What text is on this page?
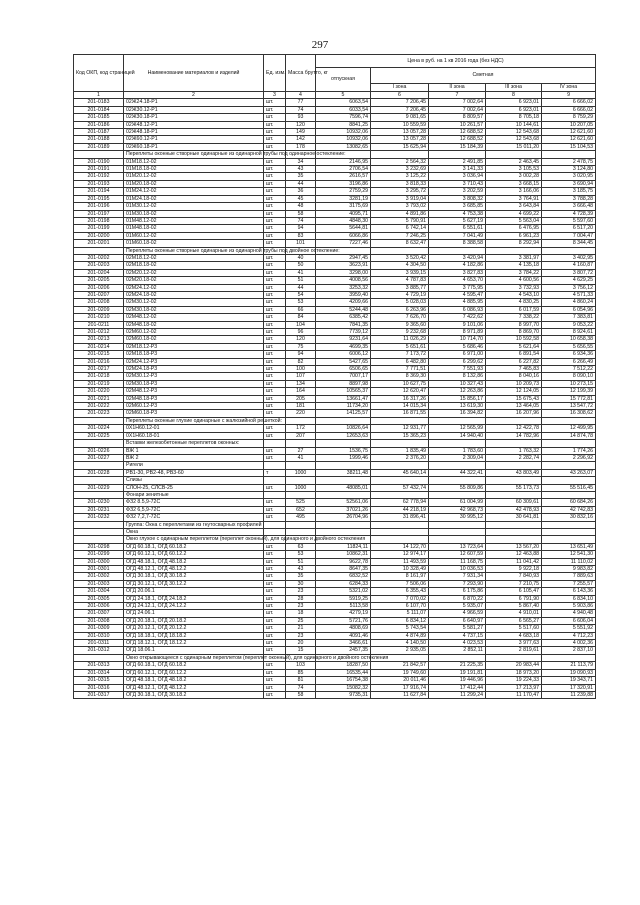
297
Код ОКП, код страницей	Наименование материалов и изделий	Ед. изм.	Масса брутто, кг	Цена в руб. на 1 кв 2016 года (без НДС)				
				отпускная	Сметная			
					I зона	II зона	III зона	IV зона
1	2	3	4	5	6	7	8	9
201-0183	02Ж24.18-Р1	шт.	77	6063,54	7 206,45	7 002,64	6 923,01	6 666,02
201-0184	02Ж30.12-Р1	шт.	74	6033,54	7 206,45	7 002,64	6 923,01	6 666,02
201-0185	02Ж30.18-Р1	шт.	93	7596,74	9 081,65	8 809,57	8 705,18	8 759,29
201-0186	02Ж48.12-Р1	шт.	120	8841,25	10 559,59	10 261,57	10 144,61	10 207,05
201-0187	02Ж48.18-Р1	шт.	149	10932,06	13 057,28	12 688,52	12 543,68	12 621,60
201-0188	02Ж60.12-Р1	шт.	142	10932,06	13 057,28	12 688,52	12 543,68	12 621,60
201-0189	02Ж60.18-Р1	шт.	178	13082,65	15 625,94	15 184,39	15 011,20	15 104,53
	Переплеты оконные створные одинарные из одинарной трубы под одинарное остекление:							
201-0190	01М18.12-02	шт.	34	2146,95	2 564,32	2 491,85	2 463,45	2 478,75
201-0191	01М18.18-02	шт.	43	2706,54	3 232,69	3 141,33	3 105,53	3 124,80
201-0192	01М20.12-02	шт.	35	2616,57	3 125,22	3 036,94	3 002,28	3 020,95
201-0193	01М20.18-02	шт.	44	3196,86	3 818,33	3 710,43	3 668,15	3 690,94
201-0194	01М24.12-02	шт.	36	2759,29	3 295,72	3 202,59	3 166,06	3 185,75
201-0195	01М24.18-02	шт.	45	3281,19	3 919,04	3 808,32	3 764,91	3 788,28
201-0196	01М30.12-02	шт.	48	3175,69	3 793,02	3 685,85	3 643,84	3 666,48
201-0197	01М30.18-02	шт.	58	4095,71	4 891,86	4 753,38	4 699,22	4 728,39
201-0198	01М48.12-02	шт.	74	4848,30	5 790,91	5 627,19	5 563,04	5 597,60
201-0199	01М48.18-02	шт.	94	5644,81	6 742,14	6 551,61	6 476,95	6 517,20
201-0200	01М60.12-02	шт.	83	6066,86	7 246,25	7 041,49	6 961,23	7 004,47
201-0201	01М60.18-02	шт.	101	7227,46	8 632,47	8 388,58	8 292,94	8 344,45
	Переплеты оконные створные одинарные из одинарной трубы под двойное остекление:							
201-0202	02М18.12-02	шт.	40	2947,45	3 520,42	3 420,94	3 381,97	3 402,95
201-0203	02М18.18-02	шт.	50	3623,91	4 304,50	4 182,86	4 135,18	4 160,87
201-0204	02М20.12-02	шт.	41	3298,00	3 939,15	3 827,83	3 784,22	3 807,72
201-0205	02М20.18-02	шт.	51	4008,56	4 787,83	4 653,70	4 600,56	4 629,25
201-0206	02М24.12-02	шт.	44	3253,32	3 885,77	3 775,95	3 732,93	3 756,12
201-0207	02М24.18-02	шт.	54	3959,40	4 729,19	4 595,47	4 543,10	4 571,33
201-0208	02М30.12-02	шт.	53	4209,66	5 028,03	4 885,95	4 830,25	4 860,24
201-0209	02М30.18-02	шт.	66	5244,48	6 263,96	6 086,93	6 017,59	6 054,96
201-0210	02М48.12-02	шт.	84	6385,42	7 626,70	7 422,62	7 338,22	7 383,81
201-0211	02М48.18-02	шт.	104	7841,35	9 365,60	9 101,06	8 997,70	9 053,22
201-0212	02М60.12-02	шт.	96	7739,12	9 232,68	8 971,89	8 869,70	8 924,61
201-0213	02М60.18-02	шт.	120	9231,64	11 026,29	10 714,70	10 592,58	10 658,38
201-0214	02М18.12-Р3	шт.	75	4699,35	5 651,61	5 686,46	5 621,64	5 656,55
201-0215	02М18.18-Р3	шт.	94	6006,12	7 173,72	6 971,00	6 891,54	6 934,36
201-0216	02М24.12-Р3	шт.	82	5427,65	6 482,80	6 299,62	6 227,82	6 266,49
201-0217	02М24.18-Р3	шт.	100	6506,65	7 771,51	7 551,93	7 465,83	7 512,22
201-0218	02М30.12-Р3	шт.	107	7007,17	8 369,30	8 132,86	8 040,16	8 090,10
201-0219	02М30.18-Р3	шт.	134	8897,98	10 627,75	10 327,43	10 209,73	10 273,15
201-0220	02М48.12-Р3	шт.	164	10565,37	12 620,47	12 263,86	12 124,05	12 199,39
201-0221	02М48.18-Р3	шт.	205	13661,47	16 317,26	15 856,17	15 675,43	15 772,81
201-0222	02М60.12-Р3	шт.	181	11734,20	14 015,34	13 619,30	13 464,05	13 547,72
201-0223	02М60.18-Р3	шт.	220	14125,57	16 871,55	16 394,82	16 207,96	16 308,62
	Переплеты оконные глухие одинарные с жалюзийной решеткой:							
201-0224	0Х1Н60.12-01	шт.	172	10826,64	12 931,77	12 565,99	12 422,78	12 499,95
201-0225	0Х1Н60.18-01	шт.	207	12653,63	15 365,23	14 940,40	14 782,96	14 874,78
	Вставки железобетонные переплетов оконных:							
201-0226	ВЖ 1	шт.	27	1536,75	1 835,49	1 783,60	1 763,32	1 774,26
201-0227	ВЖ 2	шт.	41	1999,46	2 376,20	2 309,04	2 282,74	2 296,92
	Ригели							
201-0228	РВ1-30, РВ2-48, РВ3-60	т	1000	38211,48	45 640,14	44 322,41	43 803,49	43 263,07
	Слизы							
201-0229	СЛОН-25, СЛСВ-25	шт.	1000	48085,01	57 432,74	55 809,86	55 173,73	55 516,45
	Фонари зенитные							
201-0230	ФЗ2 8.5,9-72С	шт.	525	52561,06	62 778,94	61 004,99	60 309,61	60 684,26
201-0231	ФЗ2 6,5,9-72С	шт.	652	37021,26	44 218,19	42 968,73	42 478,93	42 742,83
201-0232	ФЗ2 7,2,7-72С	шт.	495	26704,96	31 896,41	30 995,12	30 641,81	30 832,16
	Группа: Окна с переплетами из гнутосварных профилей							
	Окна							
	Окно глухое с одинарным переплетом (переплет оконный), для одинарного и двойного остекления							
201-0298	ОГД 60.18.1, ОГД 60.18.2	шт.	63	11824,11	14 122,70	13 723,64	13 567,20	13 651,49
201-0299	ОГД 60.12.1, ОГД 60.12.2	шт.	53	10862,31	12 974,17	12 607,59	12 463,88	12 541,30
201-0300	ОГД 48.18.1, ОГД 48.18.2	шт.	51	9622,78	11 493,59	11 168,75	11 041,42	11 110,02
201-0301	ОГД 48.12.1, ОГД 48.12.2	шт.	43	8647,35	10 328,49	10 036,53	9 922,18	9 983,82
201-0302	ОГД 30.18.1, ОГД 30.18.2	шт.	35	6832,52	8 161,97	7 931,34	7 840,93	7 889,63
201-0303	ОГД 30.12.1, ОГД 30.12.2	шт.	30	6284,33	7 506,06	7 293,90	7 210,75	7 255,57
201-0304	ОГД 20.06.1	шт.	23	5321,02	6 355,43	6 175,86	6 105,47	6 143,36
201-0305	ОГД 24.18.1, ОГД 24.18.2	шт.	28	5919,25	7 070,02	6 870,22	6 791,90	6 834,10
201-0306	ОГД 24.12.1, ОГД 24.12.2	шт.	23	5113,58	6 107,70	5 935,07	5 867,40	5 903,86
201-0307	ОГД 24.06.1	шт.	18	4279,19	5 111,07	4 966,59	4 910,01	4 940,48
201-0308	ОГД 20.18.1, ОГД 20.18.2	шт.	25	5721,76	6 834,12	6 640,97	6 565,27	6 606,04
201-0309	ОГД 20.12.1, ОГД 20.12.2	шт.	21	4808,69	5 743,54	5 581,27	5 517,60	5 551,92
201-0310	ОГД 18.18.1, ОГД 18.18.2	шт.	23	4091,46	4 874,89	4 737,15	4 683,18	4 712,23
201-0311	ОГД 18.12.1, ОГД 18.12.2	шт.	20	3466,61	4 140,50	4 023,53	3 977,63	4 002,36
201-0312	ОГД 18.06.1	шт.	15	2457,35	2 935,05	2 852,11	2 819,61	2 837,10
	Окно открывающееся с одинарным переплетом (переплет оконный), для одинарного и двойного остекления							
201-0313	ОГД 60.18.1, ОГД 60.18.2	шт.	103	18287,50	21 842,57	21 225,35	20 983,44	21 113,79
201-0314	ОГД 60.12.1, ОГД 60.12.2	шт.	85	16535,44	19 749,60	19 191,81	18 973,20	19 090,93
201-0315	ОГД 48.18.1, ОГД 48.18.2	шт.	81	16754,38	20 011,46	19 446,96	19 224,33	19 343,71
201-0316	ОГД 48.12.1, ОГД 48.12.2	шт.	74	15082,32	17 916,74	17 412,44	17 213,97	17 320,91
201-0317	ОГД 30.18.1, ОГД 30.18.2	шт.	58	9735,31	11 627,84	11 299,24	11 170,47	11 239,88
